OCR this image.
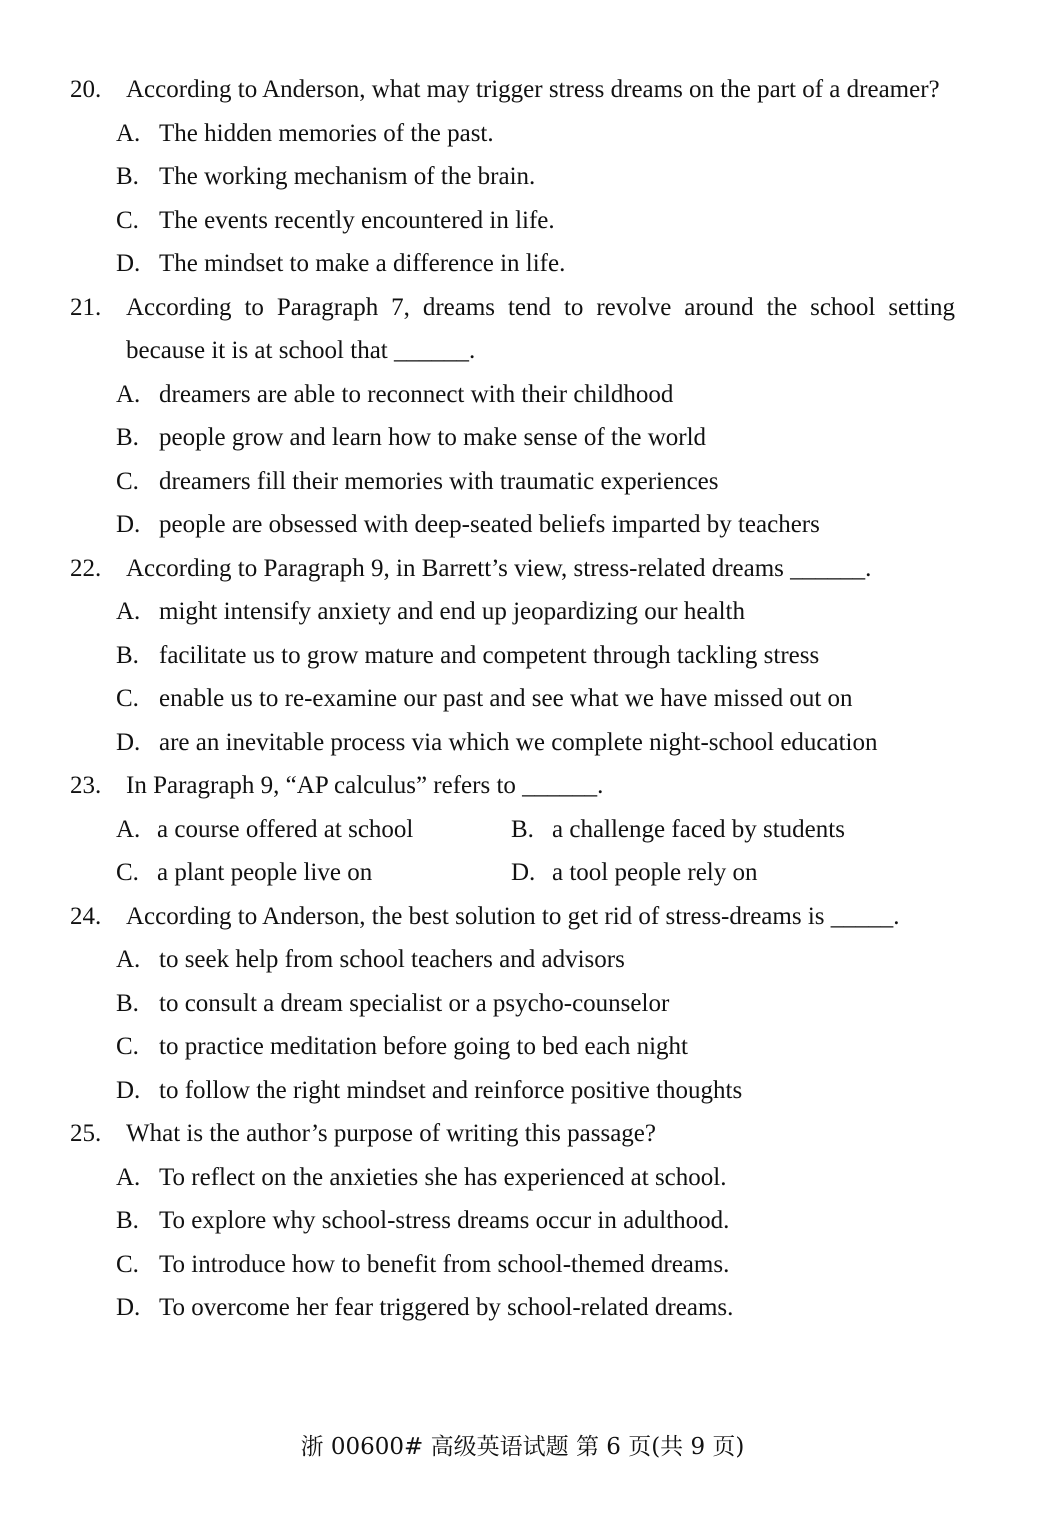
20. According to Anderson, what may trigger stress dreams on the part of a dreamer?
A. The hidden memories of the past.
B. The working mechanism of the brain.
C. The events recently encountered in life.
D. The mindset to make a difference in life.
21. According to Paragraph 7, dreams tend to revolve around the school setting because it is at school that ______.
A. dreamers are able to reconnect with their childhood
B. people grow and learn how to make sense of the world
C. dreamers fill their memories with traumatic experiences
D. people are obsessed with deep-seated beliefs imparted by teachers
22. According to Paragraph 9, in Barrett’s view, stress-related dreams ______.
A. might intensify anxiety and end up jeopardizing our health
B. facilitate us to grow mature and competent through tackling stress
C. enable us to re-examine our past and see what we have missed out on
D. are an inevitable process via which we complete night-school education
23. In Paragraph 9, “AP calculus” refers to ______.
A. a course offered at school	B. a challenge faced by students
C. a plant people live on	D. a tool people rely on
24. According to Anderson, the best solution to get rid of stress-dreams is _____.
A. to seek help from school teachers and advisors
B. to consult a dream specialist or a psycho-counselor
C. to practice meditation before going to bed each night
D. to follow the right mindset and reinforce positive thoughts
25. What is the author’s purpose of writing this passage?
A. To reflect on the anxieties she has experienced at school.
B. To explore why school-stress dreams occur in adulthood.
C. To introduce how to benefit from school-themed dreams.
D. To overcome her fear triggered by school-related dreams.
浙 00600# 高级英语试题 第 6 页(共 9 页)
